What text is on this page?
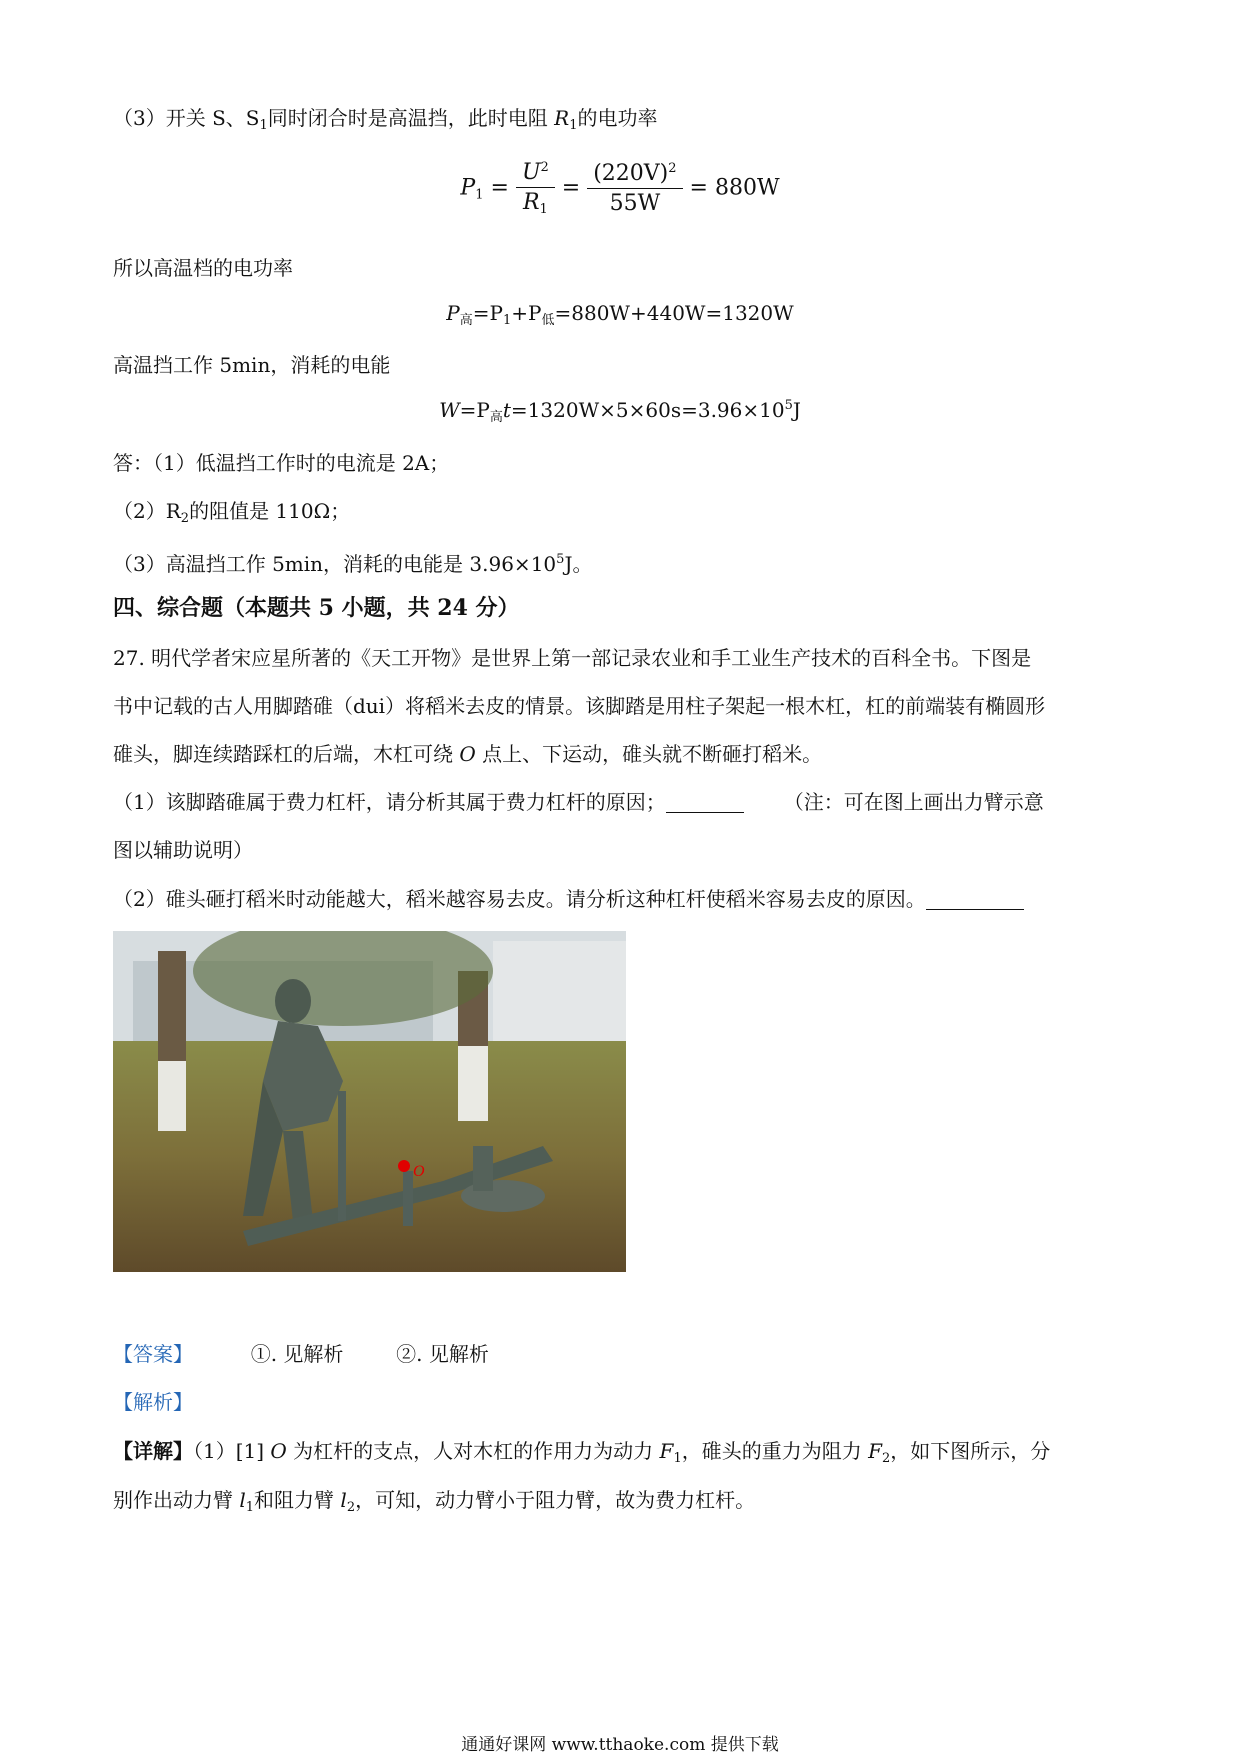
（3）开关 S、$S_1$同时闭合时是高温挡，此时电阻 $R_1$的电功率
$P_1 = \frac{U^2}{R_1} = \frac{(220V)^2}{55W} = 880W$
所以高温档的电功率
$P_高=P_1+P_低=880W+440W=1320W$
高温挡工作 5min，消耗的电能
$W=P_高t=1320W\times 5\times 60s=3.96\times 10^5J$
答：（1）低温挡工作时的电流是 2A；
$(2)R_2$的阻值是 110Ω；
（3）高温挡工作 5min，消耗的电能是 $3.96\times 10^5J$。
四、综合题（本题共 5 小题，共 24 分）
27. 明代学者宋应星所著的《天工开物》是世界上第一部记录农业和手工业生产技术的百科全书。下图是
书中记载的古人用脚踏碓（dui）将稻米去皮的情景。该脚踏是用柱子架起一根木杠，杠的前端装有椭圆形
碓头，脚连续踏踩杠的后端，木杠可绕 O 点上、下运动，碓头就不断砸打稻米。
（1）该脚踏碓属于费力杠杆，请分析其属于费力杠杆的原因；	（注：可在图上画出力臂示意
图以辅助说明）
（2）碓头砸打稻米时动能越大，稻米越容易去皮。请分析这种杠杆使稻米容易去皮的原因。
O
【答案】	①. 见解析	②. 见解析
【解析】
【详解】（1）[1] O 为杠杆的支点，人对木杠的作用力为动力 $F_1$，碓头的重力为阻力 $F_2$，如下图所示，分
别作出动力臂 $l_1$和阻力臂 $l_2$，可知，动力臂小于阻力臂，故为费力杠杆。
通通好课网 www.tthaoke.com 提供下载
